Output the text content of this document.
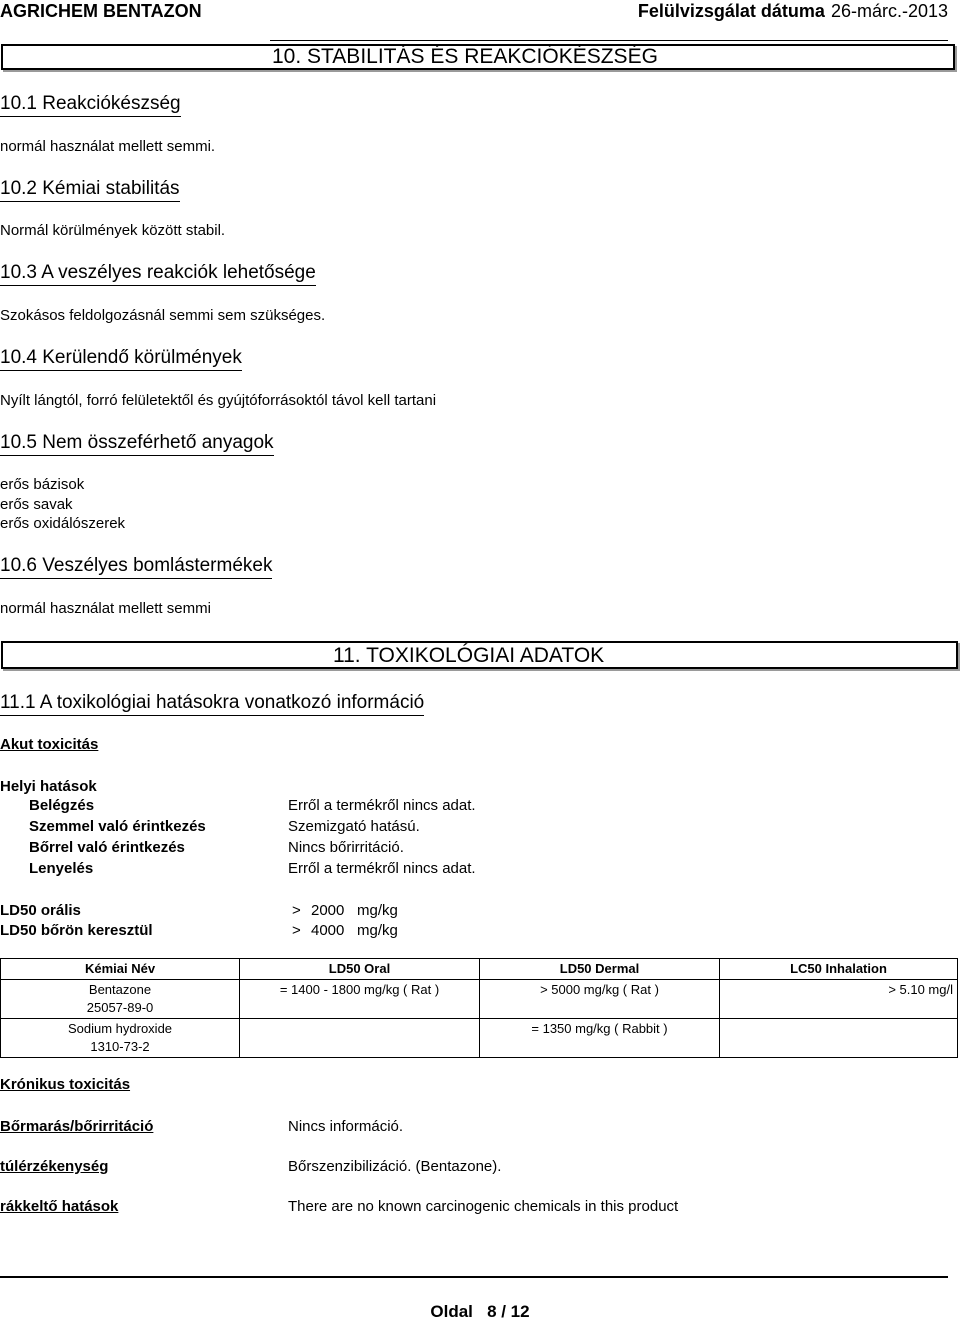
AGRICHEM BENTAZON	Felülvizsgálat dátuma 26-márc.-2013
10. STABILITÁS ÉS REAKCIÓKÉSZSÉG
10.1 Reakciókészség
normál használat mellett semmi.
10.2 Kémiai stabilitás
Normál körülmények között stabil.
10.3 A veszélyes reakciók lehetősége
Szokásos feldolgozásnál semmi sem szükséges.
10.4 Kerülendő körülmények
Nyílt lángtól, forró felületektől és gyújtóforrásoktól távol kell tartani
10.5 Nem összeférhető anyagok
erős bázisok
erős savak
erős oxidálószerek
10.6 Veszélyes bomlástermékek
normál használat mellett semmi
11. TOXIKOLÓGIAI ADATOK
11.1 A toxikológiai hatásokra vonatkozó információ
Akut toxicitás
Helyi hatások
Belégzés	Erről a termékről nincs adat.
Szemmel való érintkezés	Szemizgató hatású.
Bőrrel való érintkezés	Nincs bőrirritáció.
Lenyelés	Erről a termékről nincs adat.
LD50 orális	> 2000 mg/kg
LD50 bőrön keresztül	> 4000 mg/kg
Kémiai Név	LD50 Oral	LD50 Dermal	LC50 Inhalation

Bentazone
25057-89-0	= 1400 - 1800 mg/kg ( Rat )	> 5000 mg/kg ( Rat )	> 5.10 mg/l

Sodium hydroxide
1310-73-2		= 1350 mg/kg ( Rabbit )	
Krónikus toxicitás
Bőrmarás/bőrirritáció	Nincs információ.
túlérzékenység	Bőrszenzibilizáció. (Bentazone).
rákkeltő hatások	There are no known carcinogenic chemicals in this product
Oldal 8 / 12
